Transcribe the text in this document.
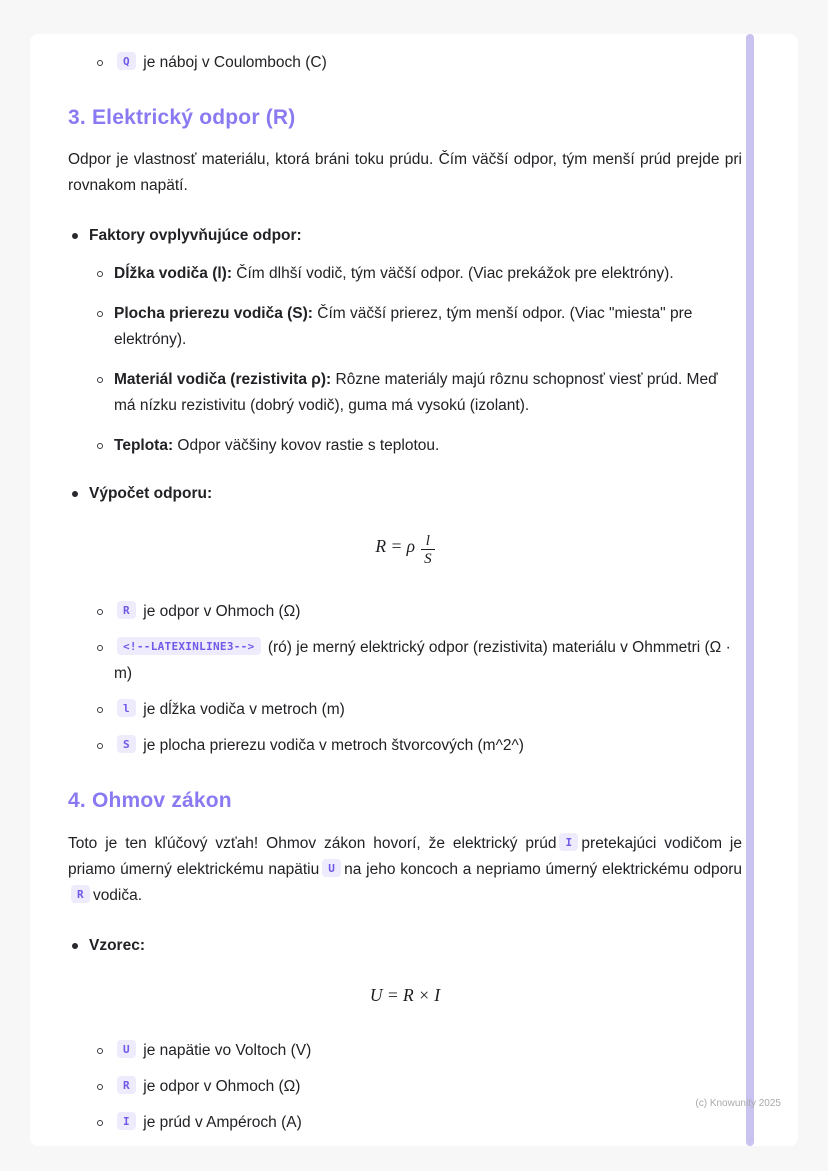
Q je náboj v Coulomboch (C)
3. Elektrický odpor (R)

Odpor je vlastnosť materiálu, ktorá bráni toku prúdu. Čím väčší odpor, tým menší prúd prejde pri rovnakom napätí.

Faktory ovplyvňujúce odpor:
Dĺžka vodiča (l): Čím dlhší vodič, tým väčší odpor. (Viac prekážok pre elektróny).
Plocha prierezu vodiča (S): Čím väčší prierez, tým menší odpor. (Viac "miesta" pre elektróny).
Materiál vodiča (rezistivita ρ): Rôzne materiály majú rôznu schopnosť viesť prúd. Meď má nízku rezistivitu (dobrý vodič), guma má vysokú (izolant).
Teplota: Odpor väčšiny kovov rastie s teplotou.
Výpočet odporu:
R = ρ $\frac{l}{S}$
R je odpor v Ohmoch (Ω)
<!--LATEXINLINE3--> (ró) je merný elektrický odpor (rezistivita) materiálu v Ohmmetri (Ω · m)
l je dĺžka vodiča v metroch (m)
S je plocha prierezu vodiča v metroch štvorcových (m^2^)
4. Ohmov zákon

Toto je ten kľúčový vzťah! Ohmov zákon hovorí, že elektrický prúd I pretekajúci vodičom je priamo úmerný elektrickému napätiu U na jeho koncoch a nepriamo úmerný elektrickému odporuR vodiča.

Vzorec:
U = R × I
U je napätie vo Voltoch (V)
R je odpor v Ohmoch (Ω)
I je prúd v Ampéroch (A)
(c) Knowunity 2025
